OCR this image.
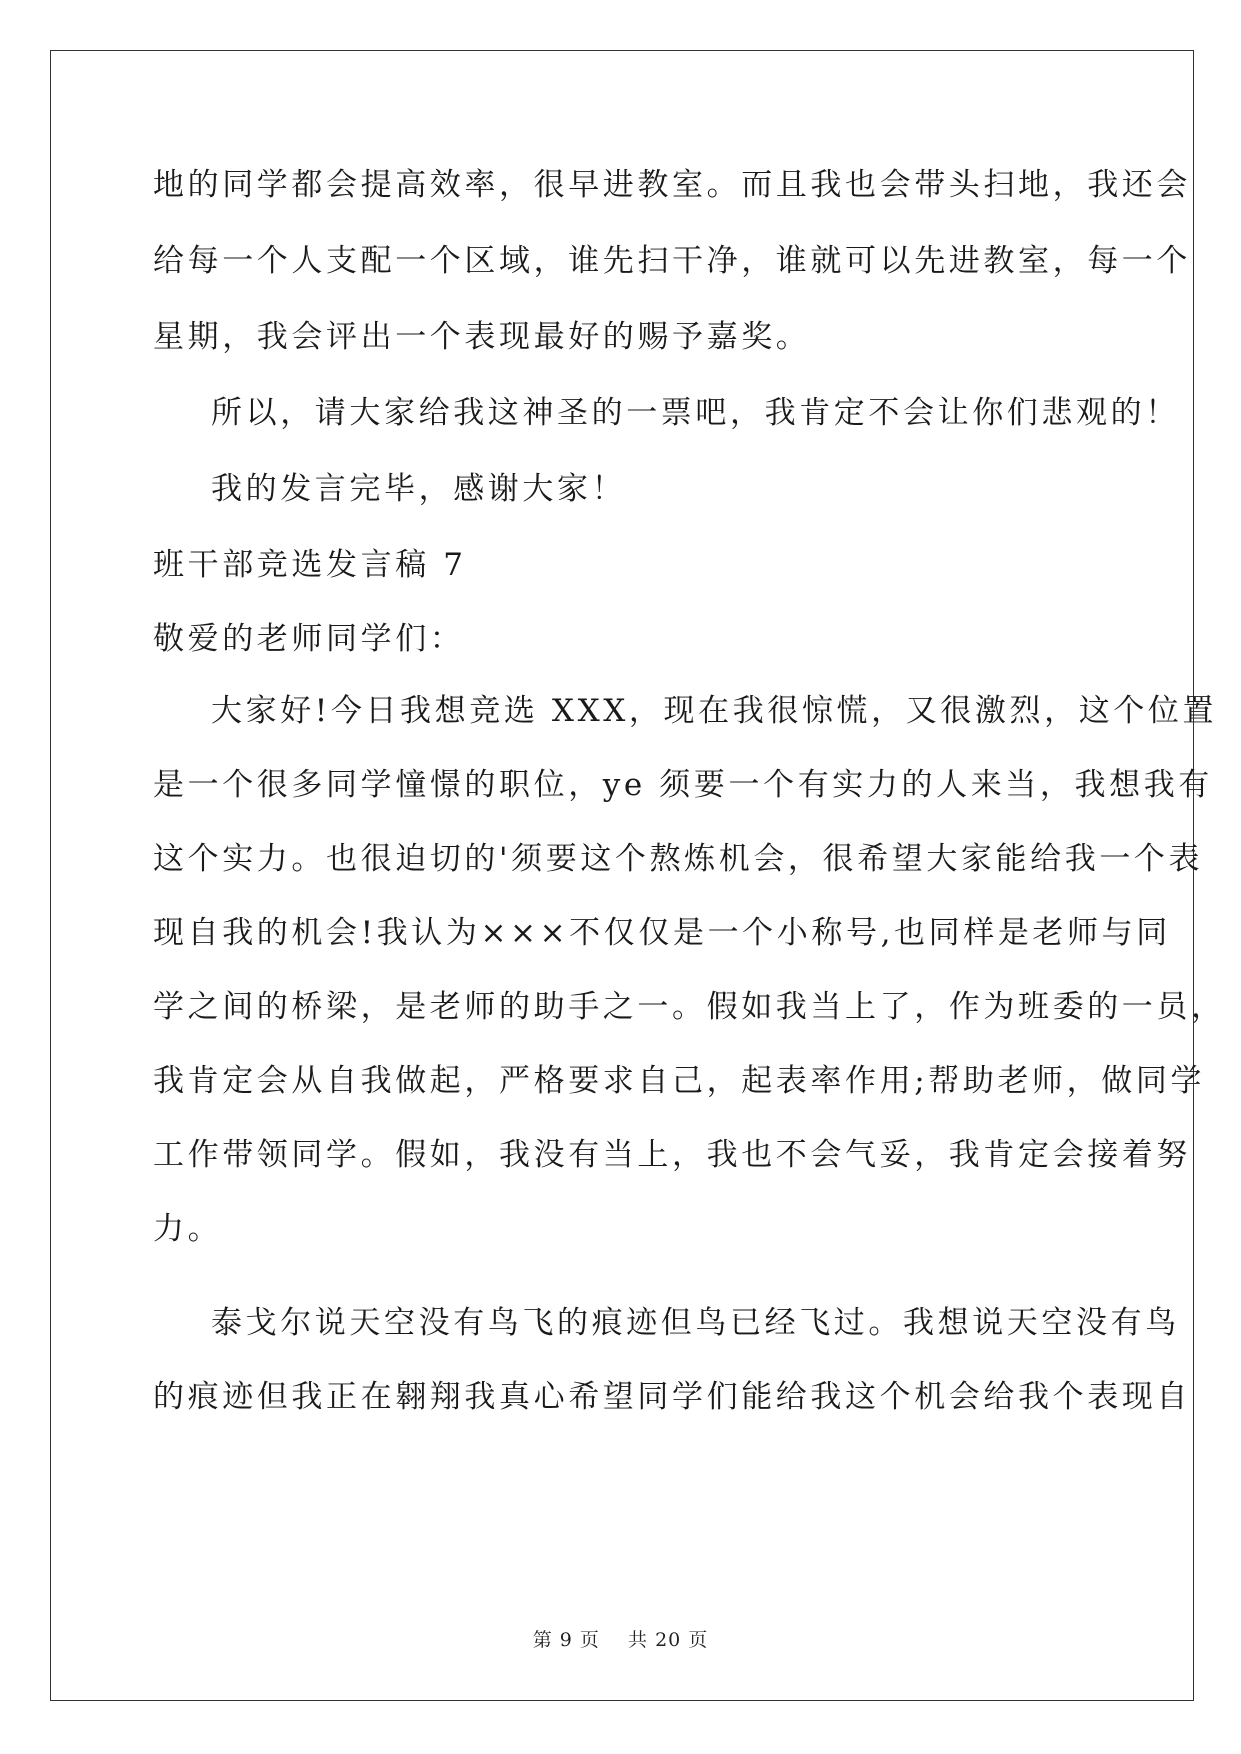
地的同学都会提高效率，很早进教室。而且我也会带头扫地，我还会
给每一个人支配一个区域，谁先扫干净，谁就可以先进教室，每一个
星期，我会评出一个表现最好的赐予嘉奖。
所以，请大家给我这神圣的一票吧，我肯定不会让你们悲观的！
我的发言完毕，感谢大家！
班干部竞选发言稿 7
敬爱的老师同学们：
大家好!今日我想竞选 XXX，现在我很惊慌，又很激烈，这个位置
是一个很多同学憧憬的职位，ye 须要一个有实力的人来当，我想我有
这个实力。也很迫切的'须要这个熬炼机会，很希望大家能给我一个表
现自我的机会!我认为×××不仅仅是一个小称号,也同样是老师与同
学之间的桥梁，是老师的助手之一。假如我当上了，作为班委的一员，
我肯定会从自我做起，严格要求自己，起表率作用;帮助老师，做同学
工作带领同学。假如，我没有当上，我也不会气妥，我肯定会接着努
力。
泰戈尔说天空没有鸟飞的痕迹但鸟已经飞过。我想说天空没有鸟
的痕迹但我正在翱翔我真心希望同学们能给我这个机会给我个表现自
第 9 页    共 20 页
